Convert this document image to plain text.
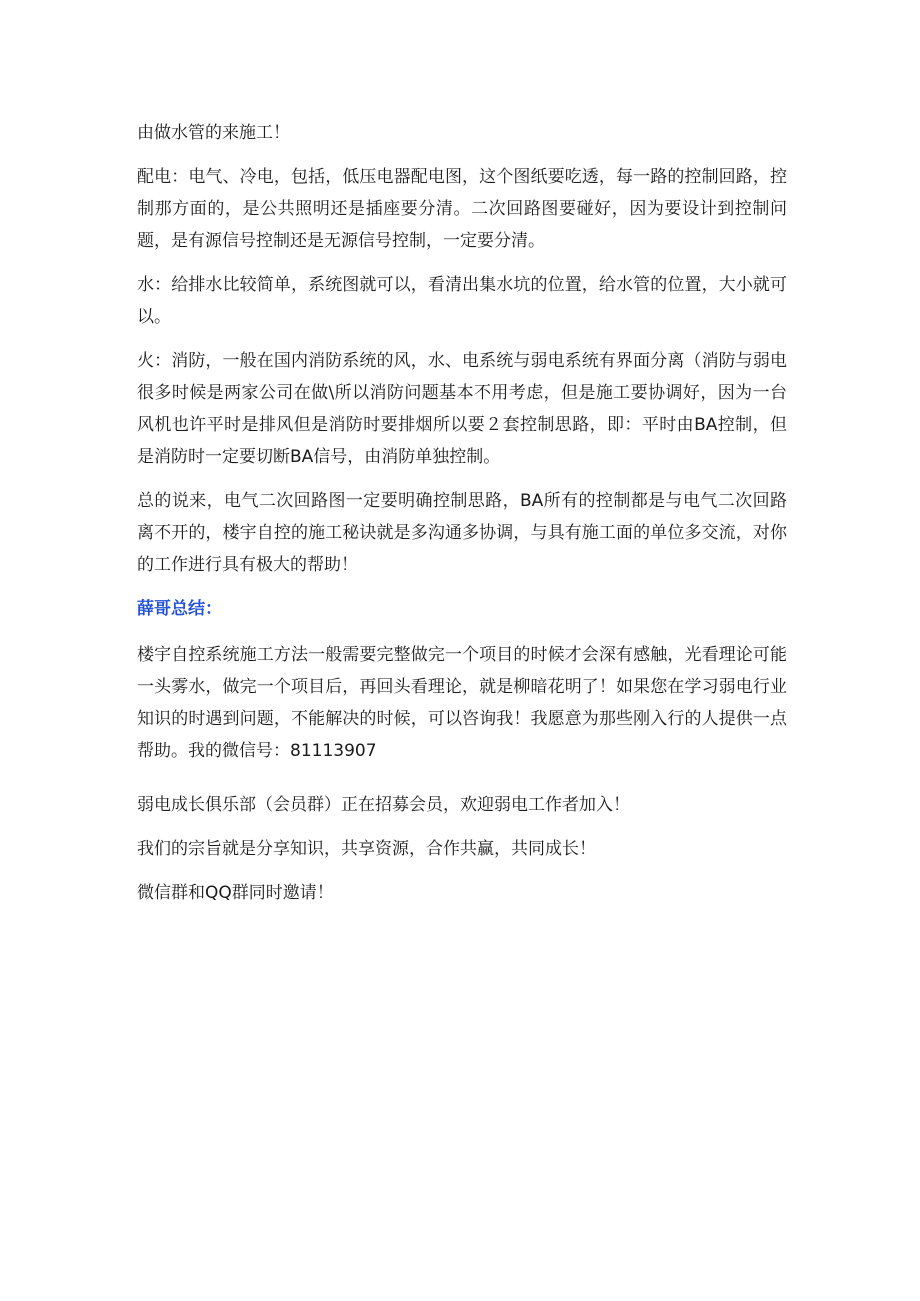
由做水管的来施工！

配电：电气、冷电，包括，低压电器配电图，这个图纸要吃透，每一路的控制回路，控制那方面的，是公共照明还是插座要分清。二次回路图要碰好，因为要设计到控制问题，是有源信号控制还是无源信号控制，一定要分清。

水：给排水比较简单，系统图就可以，看清出集水坑的位置，给水管的位置，大小就可以。

火：消防，一般在国内消防系统的风，水、电系统与弱电系统有界面分离（消防与弱电很多时候是两家公司在做\所以消防问题基本不用考虑，但是施工要协调好，因为一台风机也许平时是排风但是消防时要排烟所以要２套控制思路，即：平时由BA控制，但是消防时一定要切断BA信号，由消防单独控制。

总的说来，电气二次回路图一定要明确控制思路，BA所有的控制都是与电气二次回路离不开的，楼宇自控的施工秘诀就是多沟通多协调，与具有施工面的单位多交流，对你的工作进行具有极大的帮助！

薛哥总结：

楼宇自控系统施工方法一般需要完整做完一个项目的时候才会深有感触，光看理论可能一头雾水，做完一个项目后，再回头看理论，就是柳暗花明了！如果您在学习弱电行业知识的时遇到问题，不能解决的时候，可以咨询我！我愿意为那些刚入行的人提供一点帮助。我的微信号：81113907

弱电成长俱乐部（会员群）正在招募会员，欢迎弱电工作者加入！

我们的宗旨就是分享知识，共享资源，合作共赢，共同成长！

微信群和QQ群同时邀请！
